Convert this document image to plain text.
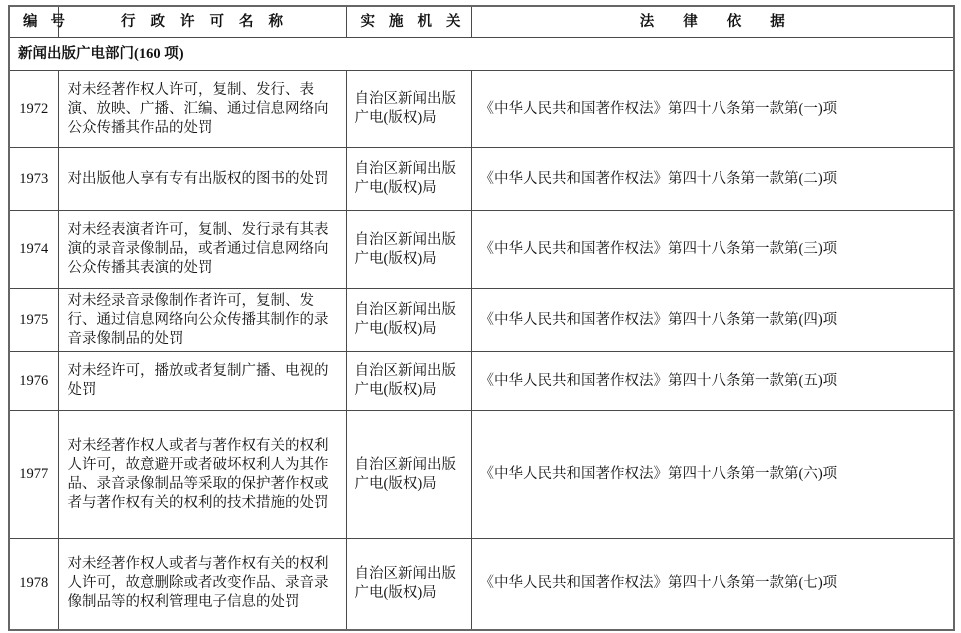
编号	行政许可名称	实施机关	法律依据
新闻出版广电部门(160 项)			
1972	对未经著作权人许可，复制、发行、表演、放映、广播、汇编、通过信息网络向公众传播其作品的处罚	自治区新闻出版广电(版权)局	《中华人民共和国著作权法》第四十八条第一款第(一)项
1973	对出版他人享有专有出版权的图书的处罚	自治区新闻出版广电(版权)局	《中华人民共和国著作权法》第四十八条第一款第(二)项
1974	对未经表演者许可，复制、发行录有其表演的录音录像制品，或者通过信息网络向公众传播其表演的处罚	自治区新闻出版广电(版权)局	《中华人民共和国著作权法》第四十八条第一款第(三)项
1975	对未经录音录像制作者许可，复制、发行、通过信息网络向公众传播其制作的录音录像制品的处罚	自治区新闻出版广电(版权)局	《中华人民共和国著作权法》第四十八条第一款第(四)项
1976	对未经许可，播放或者复制广播、电视的处罚	自治区新闻出版广电(版权)局	《中华人民共和国著作权法》第四十八条第一款第(五)项
1977	对未经著作权人或者与著作权有关的权利人许可，故意避开或者破坏权利人为其作品、录音录像制品等采取的保护著作权或者与著作权有关的权利的技术措施的处罚	自治区新闻出版广电(版权)局	《中华人民共和国著作权法》第四十八条第一款第(六)项
1978	对未经著作权人或者与著作权有关的权利人许可，故意删除或者改变作品、录音录像制品等的权利管理电子信息的处罚	自治区新闻出版广电(版权)局	《中华人民共和国著作权法》第四十八条第一款第(七)项
